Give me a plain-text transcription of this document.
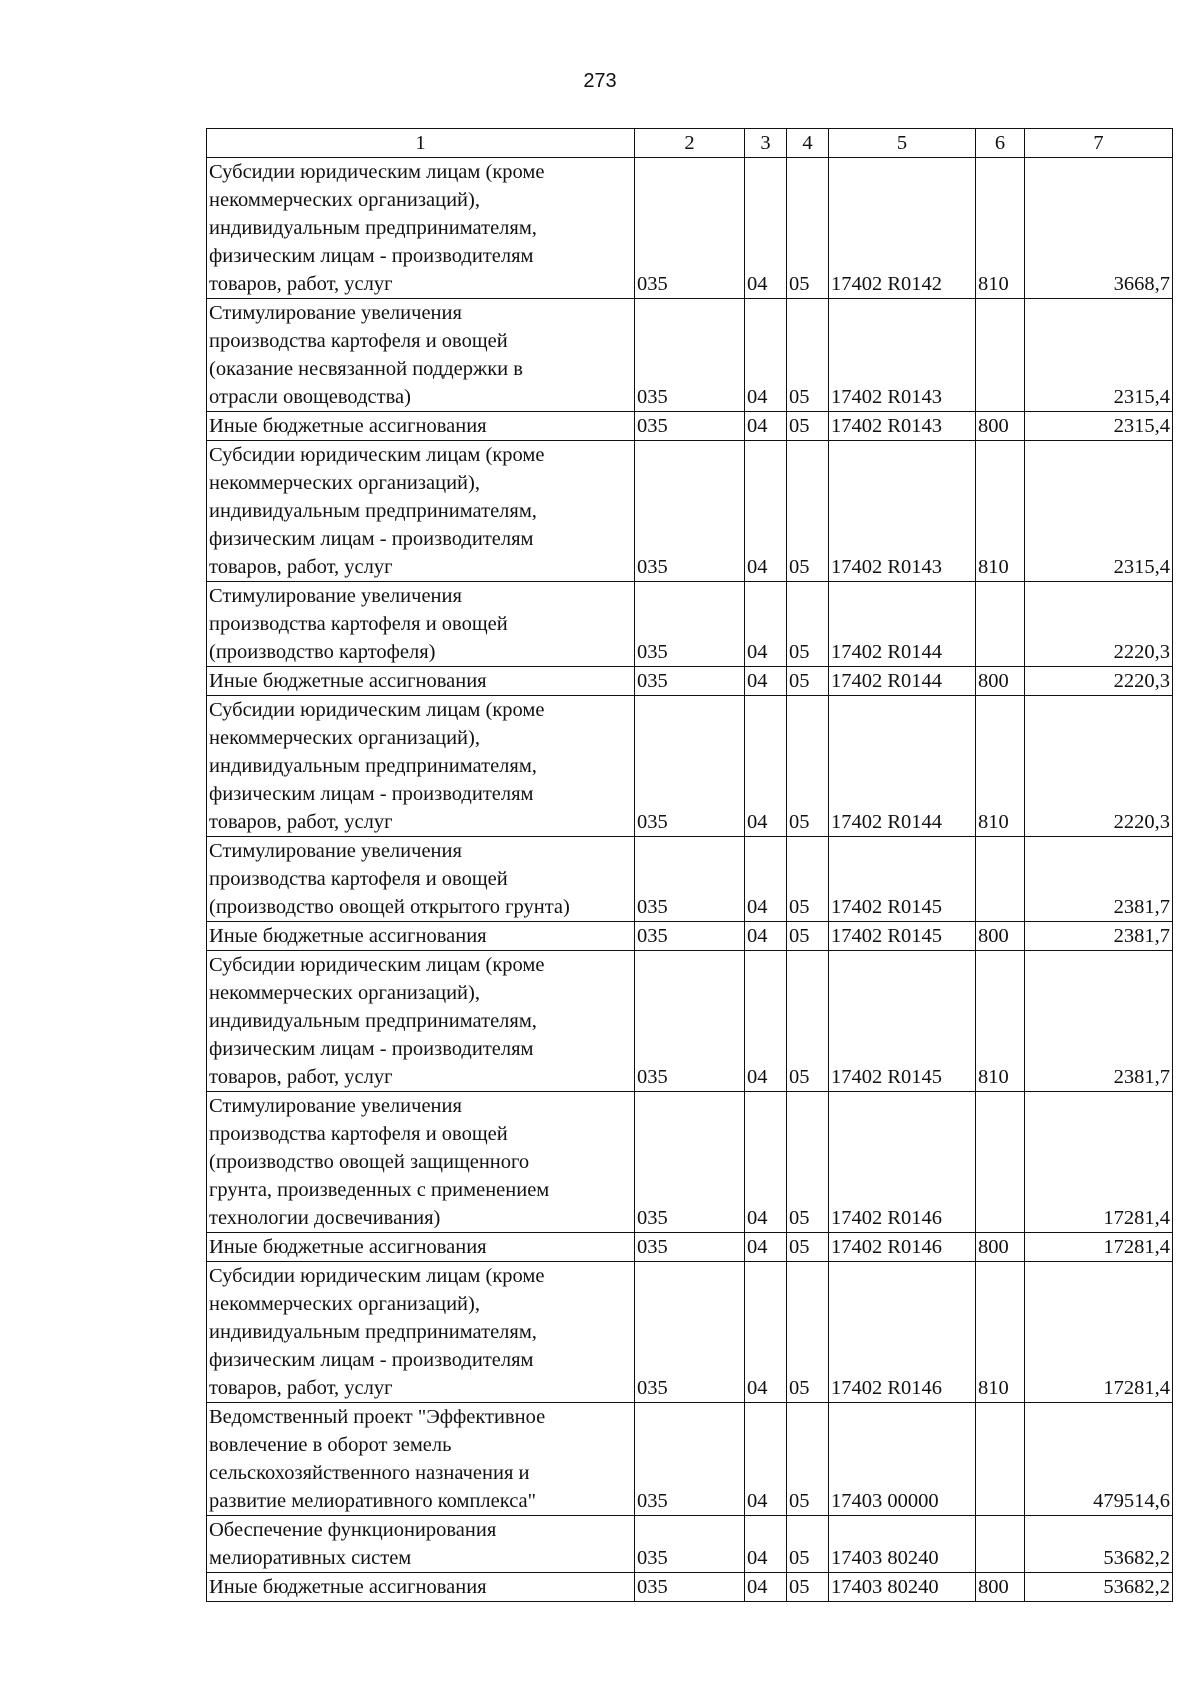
273
1	2	3	4	5	6	7
Субсидии юридическим лицам (кроме
некоммерческих организаций),
индивидуальным предпринимателям,
физическим лицам - производителям
товаров, работ, услуг	035	04	05	17402 R0142	810	3668,7
Стимулирование увеличения
производства картофеля и овощей
(оказание несвязанной поддержки в
отрасли овощеводства)	035	04	05	17402 R0143		2315,4
Иные бюджетные ассигнования	035	04	05	17402 R0143	800	2315,4
Субсидии юридическим лицам (кроме
некоммерческих организаций),
индивидуальным предпринимателям,
физическим лицам - производителям
товаров, работ, услуг	035	04	05	17402 R0143	810	2315,4
Стимулирование увеличения
производства картофеля и овощей
(производство картофеля)	035	04	05	17402 R0144		2220,3
Иные бюджетные ассигнования	035	04	05	17402 R0144	800	2220,3
Субсидии юридическим лицам (кроме
некоммерческих организаций),
индивидуальным предпринимателям,
физическим лицам - производителям
товаров, работ, услуг	035	04	05	17402 R0144	810	2220,3
Стимулирование увеличения
производства картофеля и овощей
(производство овощей открытого грунта)	035	04	05	17402 R0145		2381,7
Иные бюджетные ассигнования	035	04	05	17402 R0145	800	2381,7
Субсидии юридическим лицам (кроме
некоммерческих организаций),
индивидуальным предпринимателям,
физическим лицам - производителям
товаров, работ, услуг	035	04	05	17402 R0145	810	2381,7
Стимулирование увеличения
производства картофеля и овощей
(производство овощей защищенного
грунта, произведенных с применением
технологии досвечивания)	035	04	05	17402 R0146		17281,4
Иные бюджетные ассигнования	035	04	05	17402 R0146	800	17281,4
Субсидии юридическим лицам (кроме
некоммерческих организаций),
индивидуальным предпринимателям,
физическим лицам - производителям
товаров, работ, услуг	035	04	05	17402 R0146	810	17281,4
Ведомственный проект "Эффективное
вовлечение в оборот земель
сельскохозяйственного назначения и
развитие мелиоративного комплекса"	035	04	05	17403 00000		479514,6
Обеспечение функционирования
мелиоративных систем	035	04	05	17403 80240		53682,2
Иные бюджетные ассигнования	035	04	05	17403 80240	800	53682,2
